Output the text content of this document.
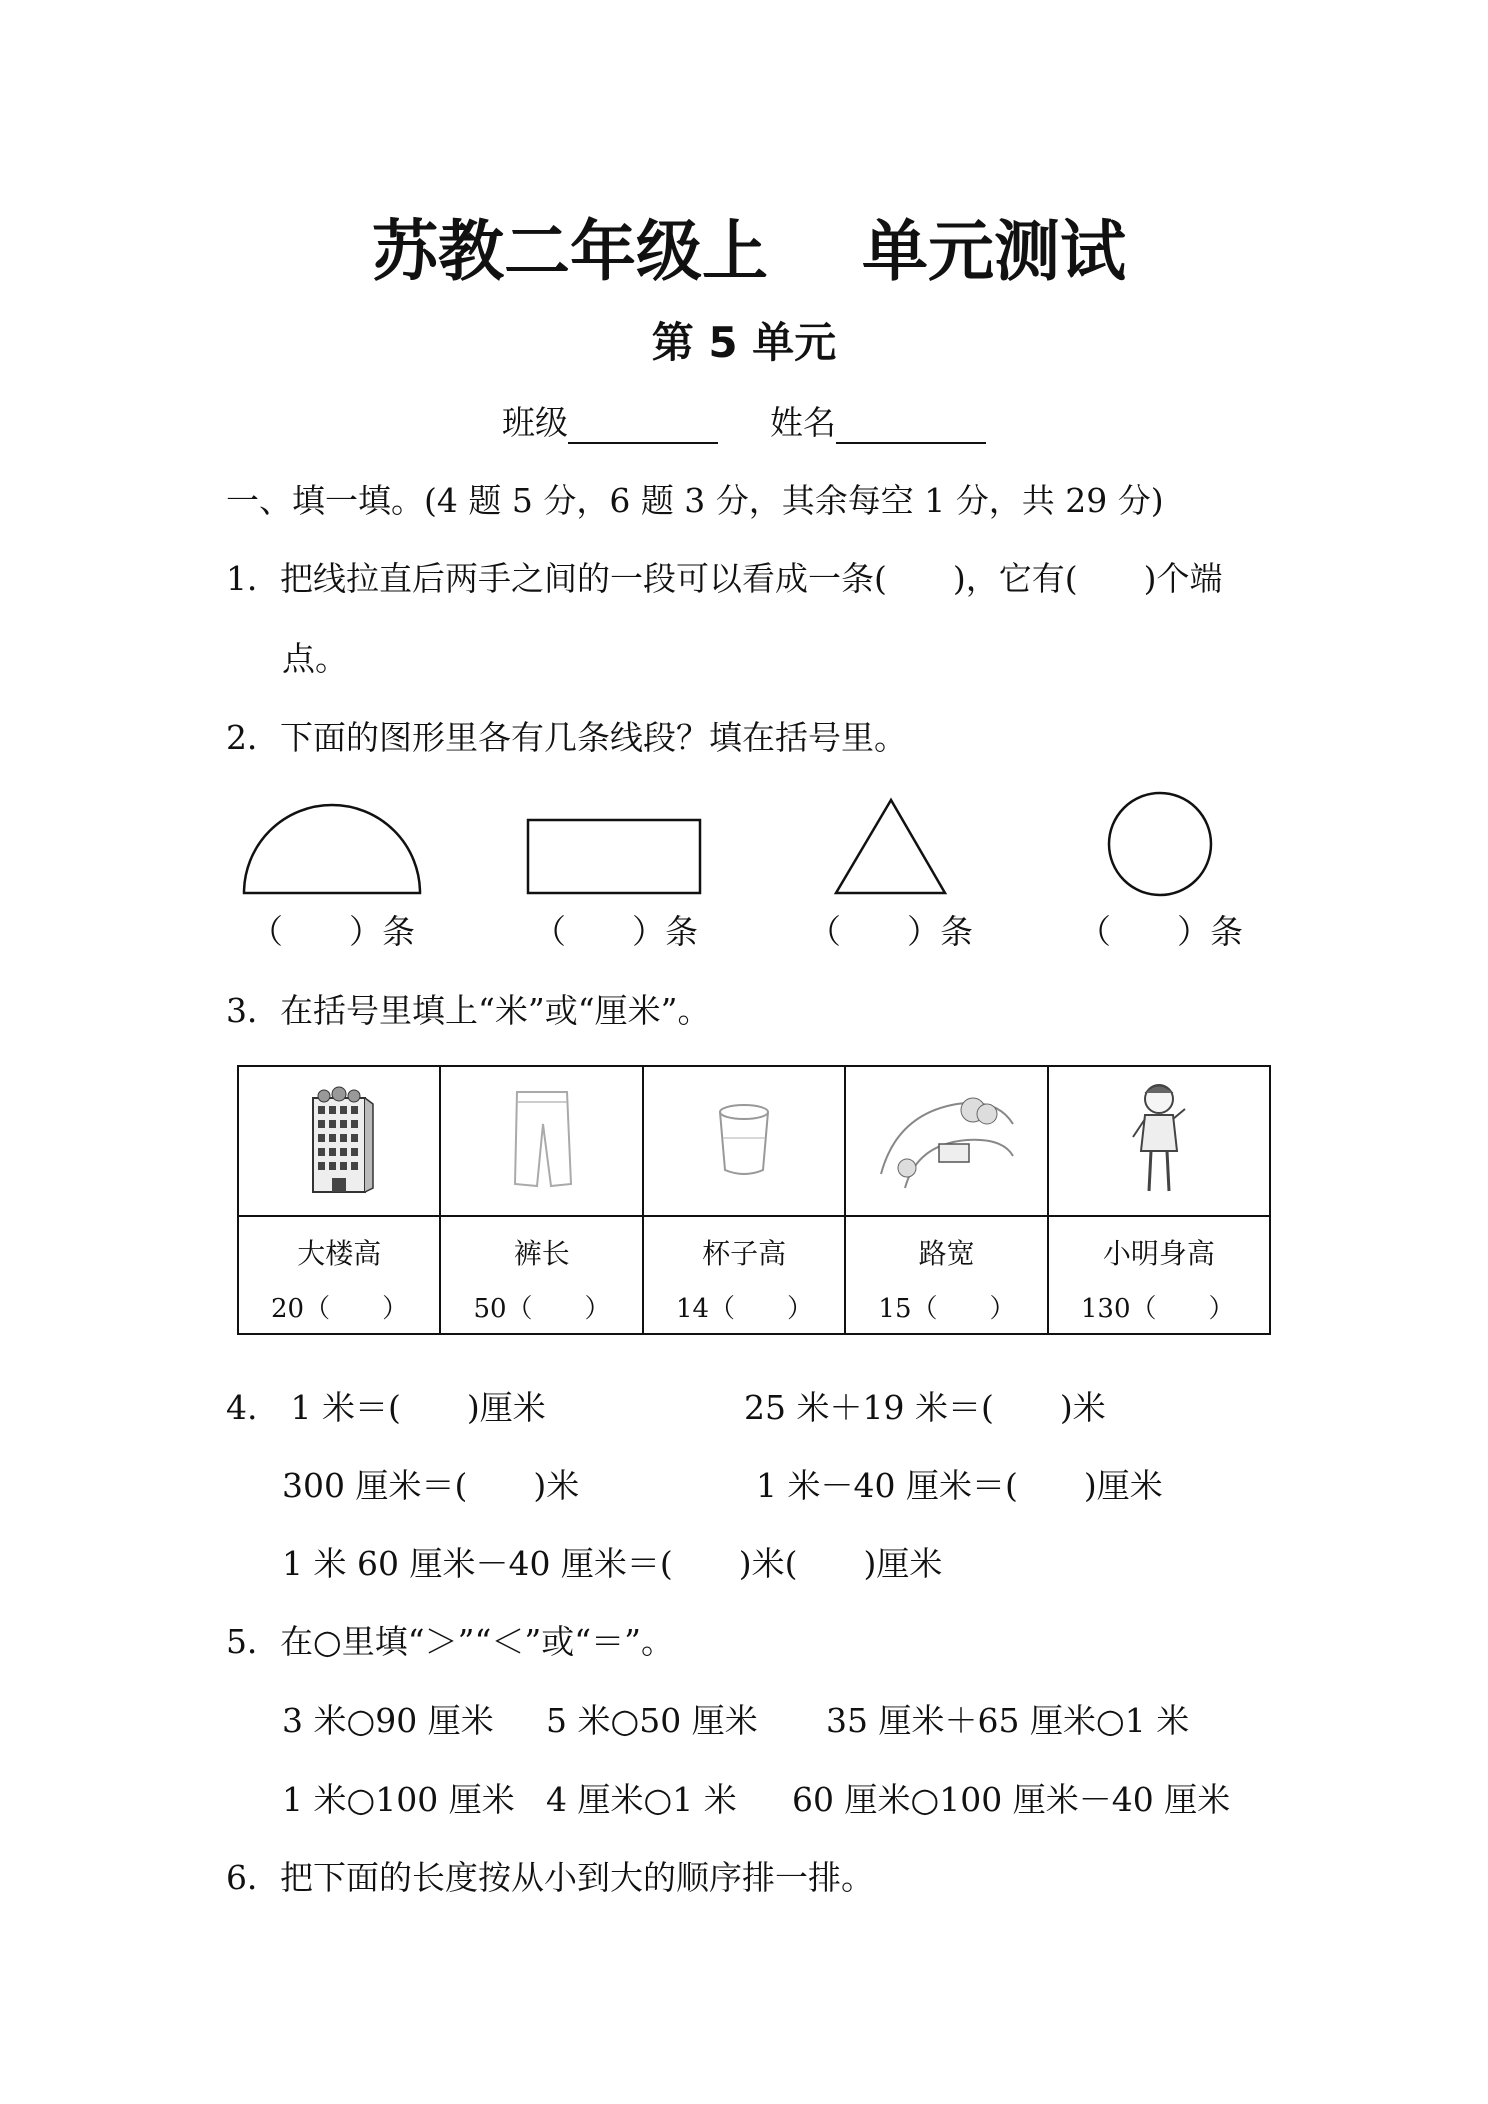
苏教二年级上 单元测试
第 5 单元
班级	姓名
一、填一填。(4 题 5 分，6 题 3 分，其余每空 1 分，共 29 分)
1．把线拉直后两手之间的一段可以看成一条(　　)，它有(　　)个端
点。
2．下面的图形里各有几条线段？填在括号里。
（　　）条	（　　）条	（　　）条	（　　）条
3．在括号里填上“米”或“厘米”。

大楼高
20（　　）	裤长
50（　　）	杯子高
14（　　）	路宽
15（　　）	小明身高
130（　　）
4.　1 米＝(　　)厘米	25 米＋19 米＝(　　)米
300 厘米＝(　　)米	1 米－40 厘米＝(　　)厘米
1 米 60 厘米－40 厘米＝(　　)米(　　)厘米
5．在○里填“＞”“＜”或“＝”。
3 米○90 厘米 5 米○50 厘米 35 厘米＋65 厘米○1 米
1 米○100 厘米 4 厘米○1 米 60 厘米○100 厘米－40 厘米
6．把下面的长度按从小到大的顺序排一排。
